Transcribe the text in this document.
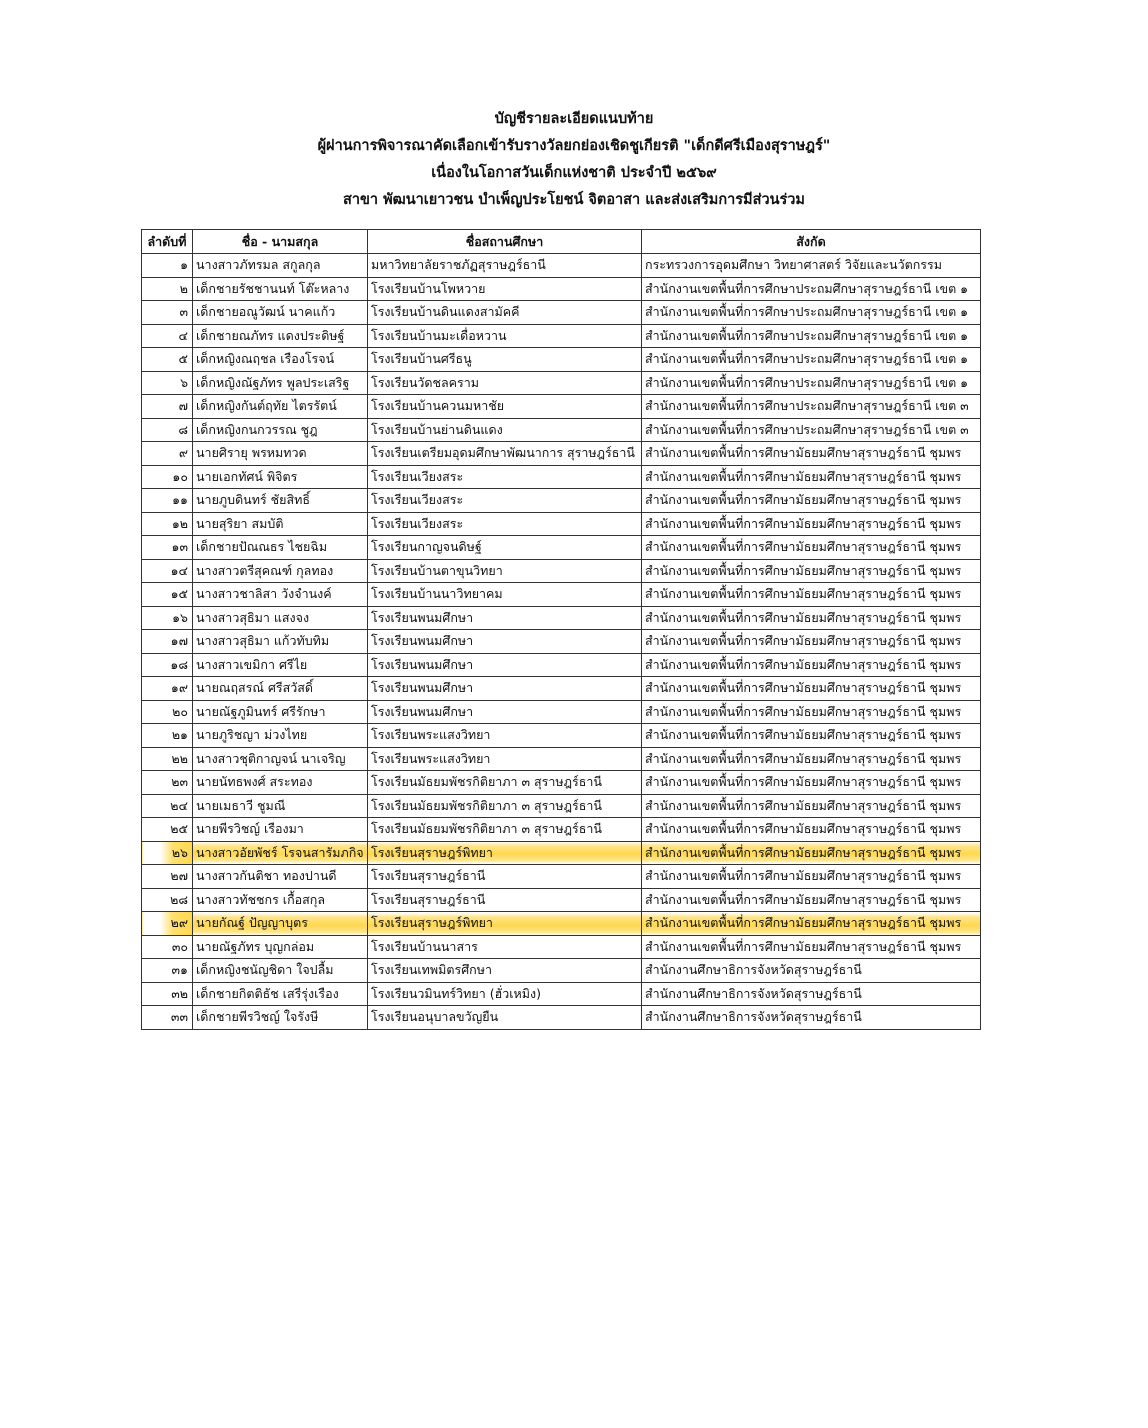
บัญชีรายละเอียดแนบท้าย
ผู้ผ่านการพิจารณาคัดเลือกเข้ารับรางวัลยกย่องเชิดชูเกียรติ "เด็กดีศรีเมืองสุราษฎร์"
เนื่องในโอกาสวันเด็กแห่งชาติ ประจำปี ๒๕๖๙
สาขา พัฒนาเยาวชน บำเพ็ญประโยชน์ จิตอาสา และส่งเสริมการมีส่วนร่วม
ลำดับที่	ชื่อ - นามสกุล	ชื่อสถานศึกษา	สังกัด
๑	นางสาวภัทรมล สกูลกุล	มหาวิทยาลัยราชภัฏสุราษฎร์ธานี	กระทรวงการอุดมศึกษา วิทยาศาสตร์ วิจัยและนวัตกรรม
๒	เด็กชายรัชชานนท์ โต๊ะหลาง	โรงเรียนบ้านโพหวาย	สำนักงานเขตพื้นที่การศึกษาประถมศึกษาสุราษฎร์ธานี เขต ๑
๓	เด็กชายอณูวัฒน์ นาคแก้ว	โรงเรียนบ้านดินแดงสามัคคี	สำนักงานเขตพื้นที่การศึกษาประถมศึกษาสุราษฎร์ธานี เขต ๑
๔	เด็กชายณภัทร แดงประดิษฐ์	โรงเรียนบ้านมะเดื่อหวาน	สำนักงานเขตพื้นที่การศึกษาประถมศึกษาสุราษฎร์ธานี เขต ๑
๕	เด็กหญิงณฤชล เรืองโรจน์	โรงเรียนบ้านศรีธนู	สำนักงานเขตพื้นที่การศึกษาประถมศึกษาสุราษฎร์ธานี เขต ๑
๖	เด็กหญิงณัฐภัทร พูลประเสริฐ	โรงเรียนวัดชลคราม	สำนักงานเขตพื้นที่การศึกษาประถมศึกษาสุราษฎร์ธานี เขต ๑
๗	เด็กหญิงกันต์ฤทัย ไตรรัตน์	โรงเรียนบ้านควนมหาชัย	สำนักงานเขตพื้นที่การศึกษาประถมศึกษาสุราษฎร์ธานี เขต ๓
๘	เด็กหญิงกนกวรรณ ชูฎ	โรงเรียนบ้านย่านดินแดง	สำนักงานเขตพื้นที่การศึกษาประถมศึกษาสุราษฎร์ธานี เขต ๓
๙	นายศิรายุ พรหมทวด	โรงเรียนเตรียมอุดมศึกษาพัฒนาการ สุราษฎร์ธานี	สำนักงานเขตพื้นที่การศึกษามัธยมศึกษาสุราษฎร์ธานี ชุมพร
๑๐	นายเอกทัศน์ พิจิตร	โรงเรียนเวียงสระ	สำนักงานเขตพื้นที่การศึกษามัธยมศึกษาสุราษฎร์ธานี ชุมพร
๑๑	นายภูบดินทร์ ชัยสิทธิ์	โรงเรียนเวียงสระ	สำนักงานเขตพื้นที่การศึกษามัธยมศึกษาสุราษฎร์ธานี ชุมพร
๑๒	นายสุริยา สมบัติ	โรงเรียนเวียงสระ	สำนักงานเขตพื้นที่การศึกษามัธยมศึกษาสุราษฎร์ธานี ชุมพร
๑๓	เด็กชายปัณณธร ไชยฉิม	โรงเรียนกาญจนดิษฐ์	สำนักงานเขตพื้นที่การศึกษามัธยมศึกษาสุราษฎร์ธานี ชุมพร
๑๔	นางสาวตรีสุคณฑ์ กุลทอง	โรงเรียนบ้านตาขุนวิทยา	สำนักงานเขตพื้นที่การศึกษามัธยมศึกษาสุราษฎร์ธานี ชุมพร
๑๕	นางสาวชาลิสา วังจำนงค์	โรงเรียนบ้านนาวิทยาคม	สำนักงานเขตพื้นที่การศึกษามัธยมศึกษาสุราษฎร์ธานี ชุมพร
๑๖	นางสาวสุธิมา แสงจง	โรงเรียนพนมศึกษา	สำนักงานเขตพื้นที่การศึกษามัธยมศึกษาสุราษฎร์ธานี ชุมพร
๑๗	นางสาวสุธิมา แก้วทับทิม	โรงเรียนพนมศึกษา	สำนักงานเขตพื้นที่การศึกษามัธยมศึกษาสุราษฎร์ธานี ชุมพร
๑๘	นางสาวเขมิกา ศรีไย	โรงเรียนพนมศึกษา	สำนักงานเขตพื้นที่การศึกษามัธยมศึกษาสุราษฎร์ธานี ชุมพร
๑๙	นายณฤสรณ์ ศรีสวัสดิ์	โรงเรียนพนมศึกษา	สำนักงานเขตพื้นที่การศึกษามัธยมศึกษาสุราษฎร์ธานี ชุมพร
๒๐	นายณัฐภูมินทร์ ศรีรักษา	โรงเรียนพนมศึกษา	สำนักงานเขตพื้นที่การศึกษามัธยมศึกษาสุราษฎร์ธานี ชุมพร
๒๑	นายภูริชญา ม่วงไทย	โรงเรียนพระแสงวิทยา	สำนักงานเขตพื้นที่การศึกษามัธยมศึกษาสุราษฎร์ธานี ชุมพร
๒๒	นางสาวชุติกาญจน์ นาเจริญ	โรงเรียนพระแสงวิทยา	สำนักงานเขตพื้นที่การศึกษามัธยมศึกษาสุราษฎร์ธานี ชุมพร
๒๓	นายนัทธพงศ์ สระทอง	โรงเรียนมัธยมพัชรกิติยาภา ๓ สุราษฎร์ธานี	สำนักงานเขตพื้นที่การศึกษามัธยมศึกษาสุราษฎร์ธานี ชุมพร
๒๔	นายเมธาวี ชูมณี	โรงเรียนมัธยมพัชรกิติยาภา ๓ สุราษฎร์ธานี	สำนักงานเขตพื้นที่การศึกษามัธยมศึกษาสุราษฎร์ธานี ชุมพร
๒๕	นายพีรวิชญ์ เรืองมา	โรงเรียนมัธยมพัชรกิติยาภา ๓ สุราษฎร์ธานี	สำนักงานเขตพื้นที่การศึกษามัธยมศึกษาสุราษฎร์ธานี ชุมพร
๒๖	นางสาวอัยพัชร์ โรจนสารัมภกิจ	โรงเรียนสุราษฎร์พิทยา	สำนักงานเขตพื้นที่การศึกษามัธยมศึกษาสุราษฎร์ธานี ชุมพร
๒๗	นางสาวกันติชา ทองปานดี	โรงเรียนสุราษฎร์ธานี	สำนักงานเขตพื้นที่การศึกษามัธยมศึกษาสุราษฎร์ธานี ชุมพร
๒๘	นางสาวทัชชกร เกื้อสกุล	โรงเรียนสุราษฎร์ธานี	สำนักงานเขตพื้นที่การศึกษามัธยมศึกษาสุราษฎร์ธานี ชุมพร
๒๙	นายกัณฐ์ ปัญญาบุตร	โรงเรียนสุราษฎร์พิทยา	สำนักงานเขตพื้นที่การศึกษามัธยมศึกษาสุราษฎร์ธานี ชุมพร
๓๐	นายณัฐภัทร บุญกล่อม	โรงเรียนบ้านนาสาร	สำนักงานเขตพื้นที่การศึกษามัธยมศึกษาสุราษฎร์ธานี ชุมพร
๓๑	เด็กหญิงชนัญชิดา ใจปลื้ม	โรงเรียนเทพมิตรศึกษา	สำนักงานศึกษาธิการจังหวัดสุราษฎร์ธานี
๓๒	เด็กชายกิตติธัช เสรีรุ่งเรือง	โรงเรียนวมินทร์วิทยา (ฮั่วเหมิง)	สำนักงานศึกษาธิการจังหวัดสุราษฎร์ธานี
๓๓	เด็กชายพีรวิชญ์ ใจรังษี	โรงเรียนอนุบาลขวัญยืน	สำนักงานศึกษาธิการจังหวัดสุราษฎร์ธานี
